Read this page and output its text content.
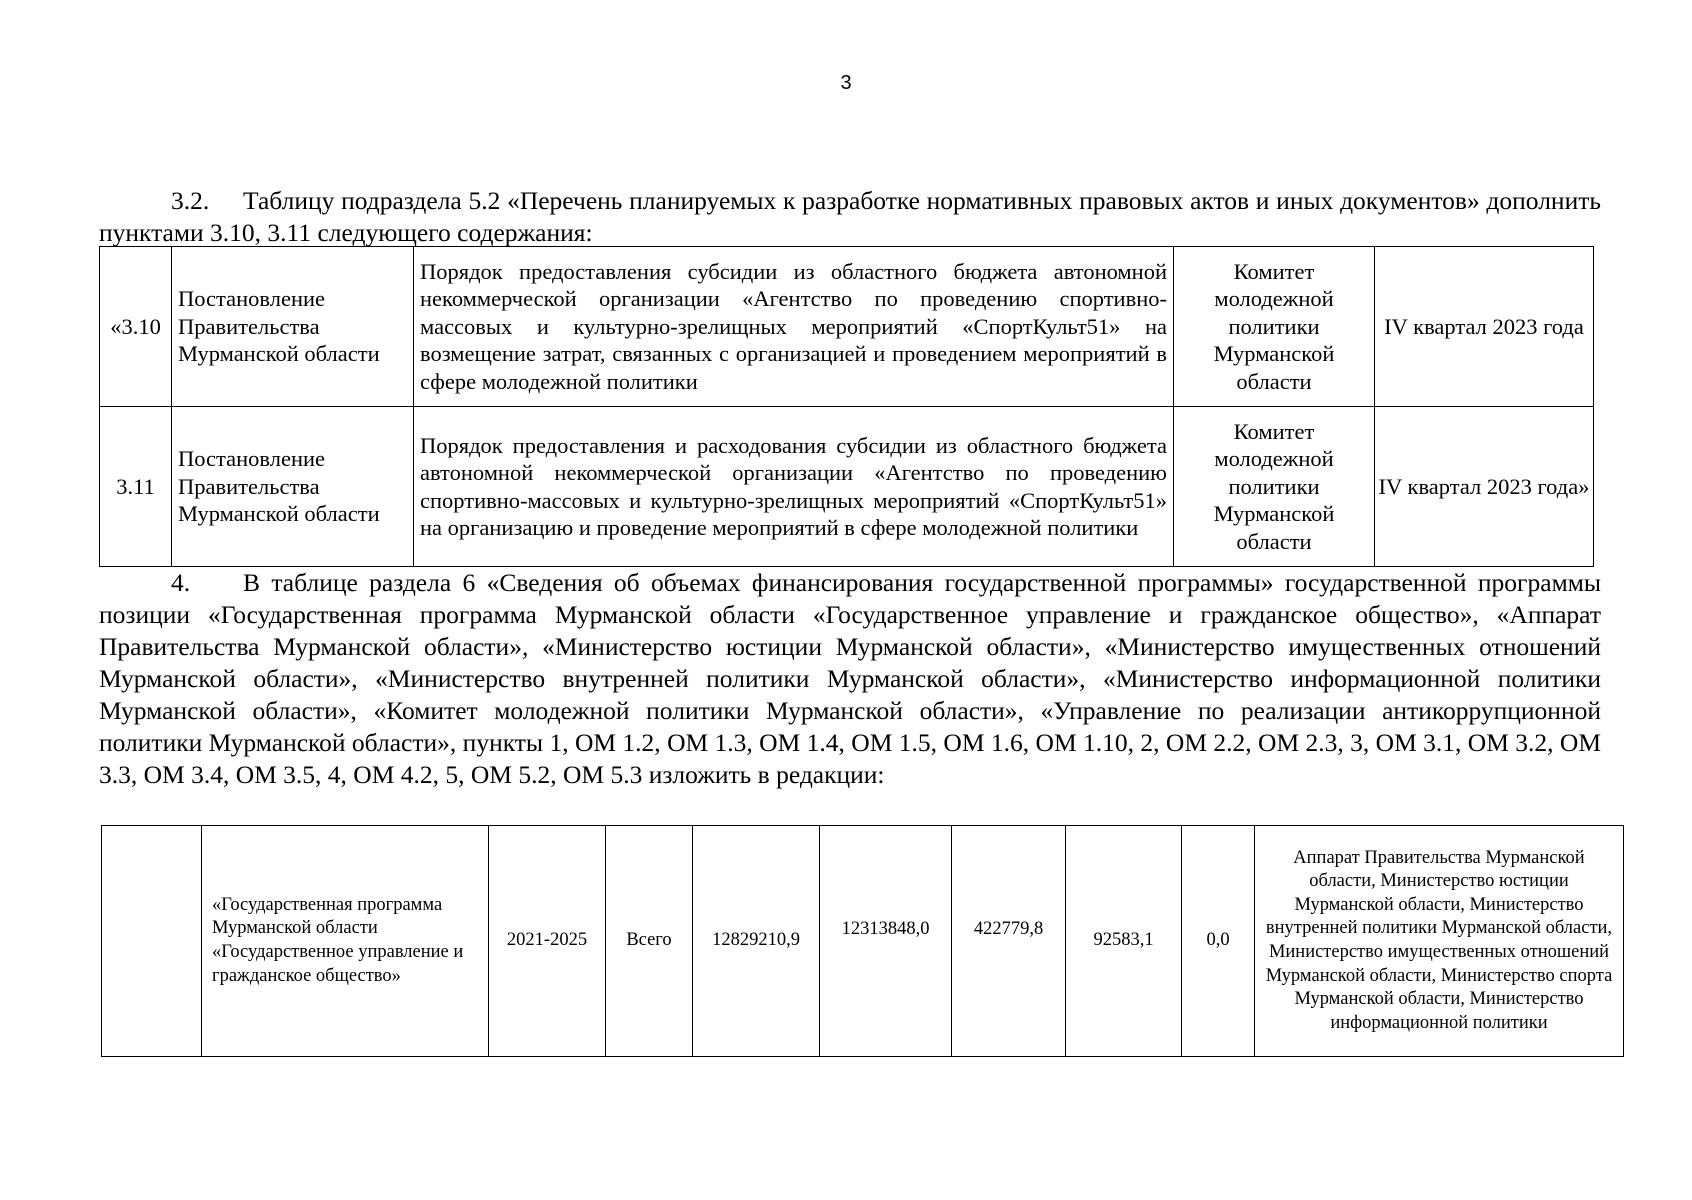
3
3.2. Таблицу подраздела 5.2 «Перечень планируемых к разработке нормативных правовых актов и иных документов» дополнить пунктами 3.10, 3.11 следующего содержания:
«3.10	Постановление Правительства Мурманской области	Порядок предоставления субсидии из областного бюджета автономной некоммерческой организации «Агентство по проведению спортивно-массовых и культурно-зрелищных мероприятий «СпортКульт51» на возмещение затрат, связанных с организацией и проведением мероприятий в сфере молодежной политики	Комитет молодежной политики Мурманской области	IV квартал 2023 года
3.11	Постановление Правительства Мурманской области	Порядок предоставления и расходования субсидии из областного бюджета автономной некоммерческой организации «Агентство по проведению спортивно-массовых и культурно-зрелищных мероприятий «СпортКульт51» на организацию и проведение мероприятий в сфере молодежной политики	Комитет молодежной политики Мурманской области	IV квартал 2023 года»
4. В таблице раздела 6 «Сведения об объемах финансирования государственной программы» государственной программы позиции «Государственная программа Мурманской области «Государственное управление и гражданское общество», «Аппарат Правительства Мурманской области», «Министерство юстиции Мурманской области», «Министерство имущественных отношений Мурманской области», «Министерство внутренней политики Мурманской области», «Министерство информационной политики Мурманской области», «Комитет молодежной политики Мурманской области», «Управление по реализации антикоррупционной политики Мурманской области», пункты 1, ОМ 1.2, ОМ 1.3, ОМ 1.4, ОМ 1.5, ОМ 1.6, ОМ 1.10, 2, ОМ 2.2, ОМ 2.3, 3, ОМ 3.1, ОМ 3.2, ОМ 3.3, ОМ 3.4, ОМ 3.5, 4, ОМ 4.2, 5, ОМ 5.2, ОМ 5.3 изложить в редакции:
	«Государственная программа Мурманской области «Государственное управление и гражданское общество»	2021-2025	Всего	12829210,9	12313848,0	422779,8	92583,1	0,0	Аппарат Правительства Мурманской области, Министерство юстиции Мурманской области, Министерство внутренней политики Мурманской области, Министерство имущественных отношений Мурманской области, Министерство спорта Мурманской области, Министерство информационной политики
